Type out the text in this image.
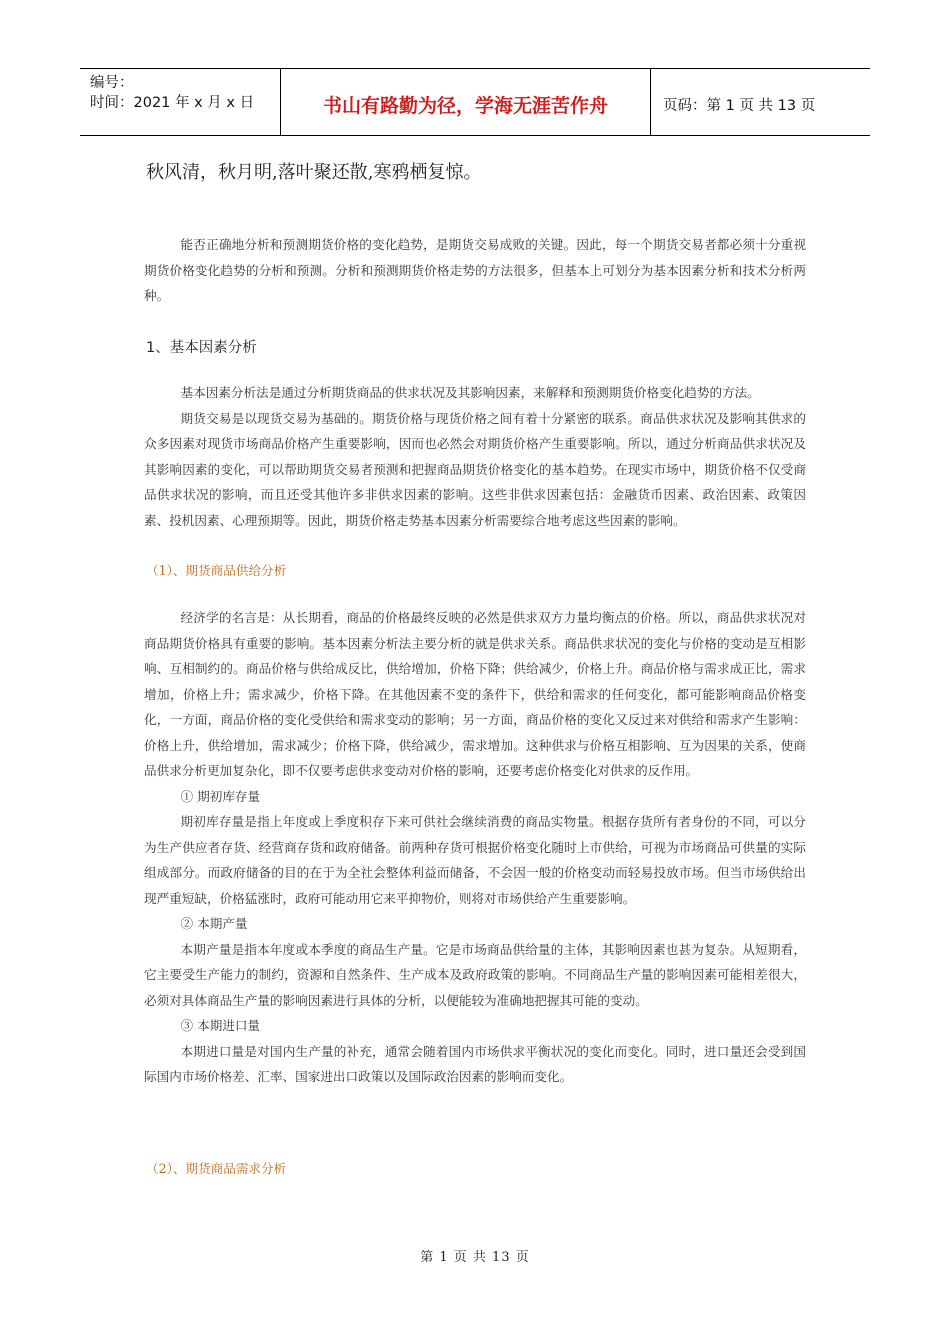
编号：
时间：2021 年 x 月 x 日	书山有路勤为径，学海无涯苦作舟	页码：第 1 页 共 13 页
秋风清，秋月明,落叶聚还散,寒鸦栖复惊。

能否正确地分析和预测期货价格的变化趋势，是期货交易成败的关键。因此，每一个期货交易者都必须十分重视期货价格变化趋势的分析和预测。分析和预测期货价格走势的方法很多，但基本上可划分为基本因素分析和技术分析两种。

1、基本因素分析

基本因素分析法是通过分析期货商品的供求状况及其影响因素，来解释和预测期货价格变化趋势的方法。

期货交易是以现货交易为基础的。期货价格与现货价格之间有着十分紧密的联系。商品供求状况及影响其供求的众多因素对现货市场商品价格产生重要影响，因而也必然会对期货价格产生重要影响。所以，通过分析商品供求状况及其影响因素的变化，可以帮助期货交易者预测和把握商品期货价格变化的基本趋势。在现实市场中，期货价格不仅受商品供求状况的影响，而且还受其他许多非供求因素的影响。这些非供求因素包括：金融货币因素、政治因素、政策因素、投机因素、心理预期等。因此，期货价格走势基本因素分析需要综合地考虑这些因素的影响。

（1）、期货商品供给分析

经济学的名言是：从长期看，商品的价格最终反映的必然是供求双方力量均衡点的价格。所以，商品供求状况对商品期货价格具有重要的影响。基本因素分析法主要分析的就是供求关系。商品供求状况的变化与价格的变动是互相影响、互相制约的。商品价格与供给成反比，供给增加，价格下降；供给减少，价格上升。商品价格与需求成正比，需求增加，价格上升；需求减少，价格下降。在其他因素不变的条件下，供给和需求的任何变化，都可能影响商品价格变化，一方面，商品价格的变化受供给和需求变动的影响；另一方面，商品价格的变化又反过来对供给和需求产生影响：价格上升，供给增加，需求减少；价格下降，供给减少，需求增加。这种供求与价格互相影响、互为因果的关系，使商品供求分析更加复杂化，即不仅要考虑供求变动对价格的影响，还要考虑价格变化对供求的反作用。

① 期初库存量

期初库存量是指上年度或上季度积存下来可供社会继续消费的商品实物量。根据存货所有者身份的不同，可以分为生产供应者存货、经营商存货和政府储备。前两种存货可根据价格变化随时上市供给，可视为市场商品可供量的实际组成部分。而政府储备的目的在于为全社会整体利益而储备，不会因一般的价格变动而轻易投放市场。但当市场供给出现严重短缺，价格猛涨时，政府可能动用它来平抑物价，则将对市场供给产生重要影响。

② 本期产量

本期产量是指本年度或本季度的商品生产量。它是市场商品供给量的主体，其影响因素也甚为复杂。从短期看，它主要受生产能力的制约，资源和自然条件、生产成本及政府政策的影响。不同商品生产量的影响因素可能相差很大，必须对具体商品生产量的影响因素进行具体的分析，以便能较为准确地把握其可能的变动。

③ 本期进口量

本期进口量是对国内生产量的补充，通常会随着国内市场供求平衡状况的变化而变化。同时，进口量还会受到国际国内市场价格差、汇率、国家进出口政策以及国际政治因素的影响而变化。

（2）、期货商品需求分析
第 1 页 共 13 页
